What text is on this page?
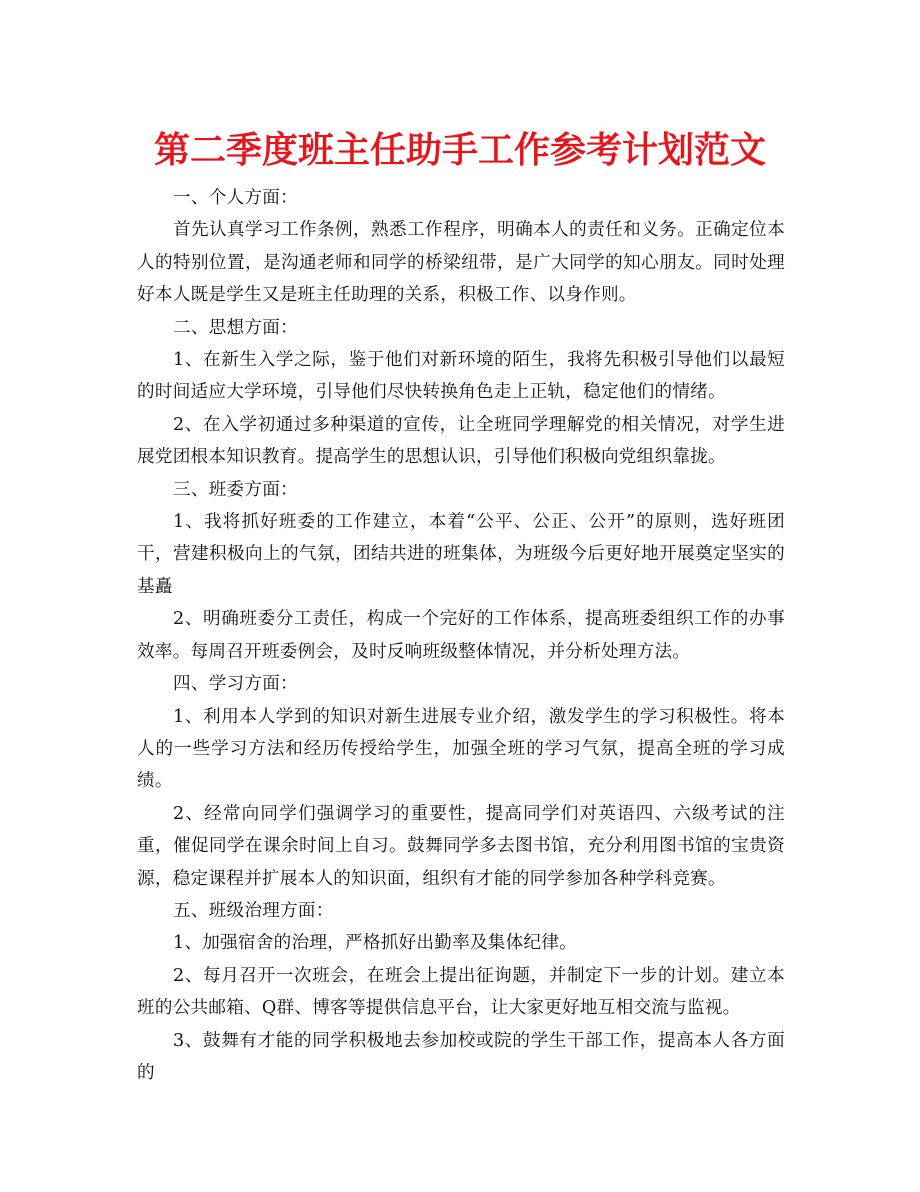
第二季度班主任助手工作参考计划范文

一、个人方面：

首先认真学习工作条例，熟悉工作程序，明确本人的责任和义务。正确定位本人的特别位置，是沟通老师和同学的桥梁纽带，是广大同学的知心朋友。同时处理好本人既是学生又是班主任助理的关系，积极工作、以身作则。

二、思想方面：

1、在新生入学之际，鉴于他们对新环境的陌生，我将先积极引导他们以最短的时间适应大学环境，引导他们尽快转换角色走上正轨，稳定他们的情绪。

2、在入学初通过多种渠道的宣传，让全班同学理解党的相关情况，对学生进展党团根本知识教育。提高学生的思想认识，引导他们积极向党组织靠拢。

三、班委方面：

1、我将抓好班委的工作建立，本着“公平、公正、公开”的原则，选好班团干，营建积极向上的气氛，团结共进的班集体，为班级今后更好地开展奠定坚实的基矗

2、明确班委分工责任，构成一个完好的工作体系，提高班委组织工作的办事效率。每周召开班委例会，及时反响班级整体情况，并分析处理方法。

四、学习方面：

1、利用本人学到的知识对新生进展专业介绍，激发学生的学习积极性。将本人的一些学习方法和经历传授给学生，加强全班的学习气氛，提高全班的学习成绩。

2、经常向同学们强调学习的重要性，提高同学们对英语四、六级考试的注重，催促同学在课余时间上自习。鼓舞同学多去图书馆，充分利用图书馆的宝贵资源，稳定课程并扩展本人的知识面，组织有才能的同学参加各种学科竞赛。

五、班级治理方面：

1、加强宿舍的治理，严格抓好出勤率及集体纪律。

2、每月召开一次班会，在班会上提出征询题，并制定下一步的计划。建立本班的公共邮箱、Q群、博客等提供信息平台，让大家更好地互相交流与监视。

3、鼓舞有才能的同学积极地去参加校或院的学生干部工作，提高本人各方面的
